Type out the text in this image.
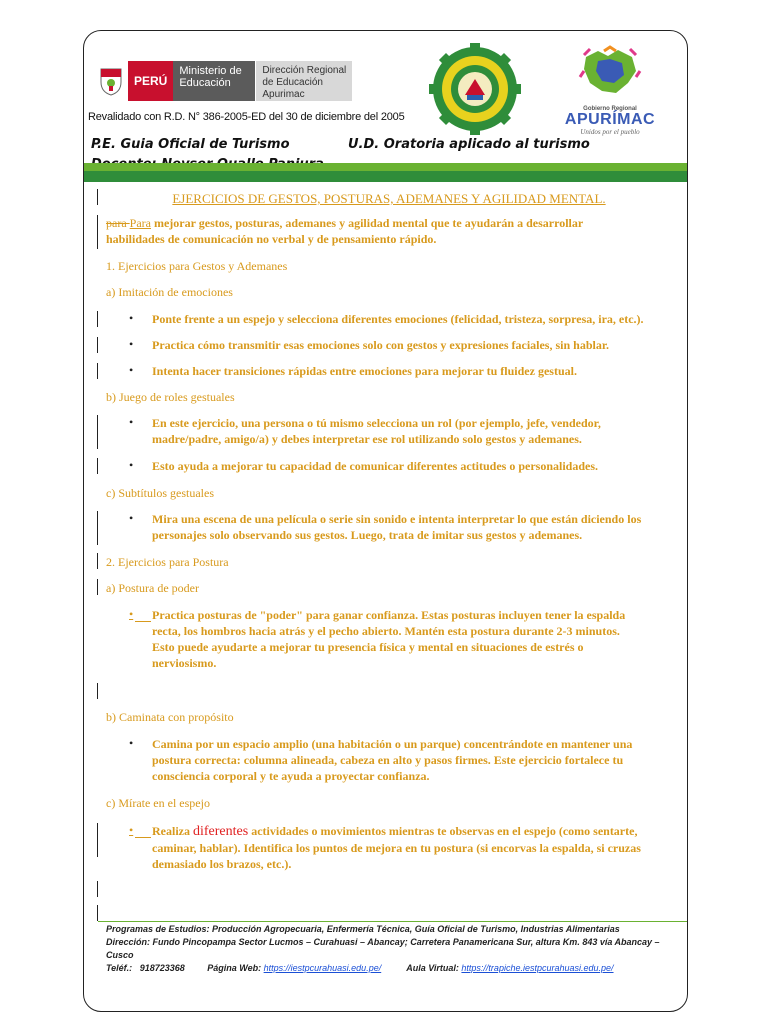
PERÚ
Ministerio de Educación
Dirección Regional de Educación Apurimac
Revalidado con R.D. N° 386-2005-ED del 30 de diciembre del 2005
Gobierno Regional
APURÍMAC
Unidos por el pueblo
P.E. Guia Oficial de Turismo	U.D. Oratoria aplicado al turismo
EJERCICIOS DE GESTOS, POSTURAS, ADEMANES Y AGILIDAD MENTAL.
para Para mejorar gestos, posturas, ademanes y agilidad mental que te ayudarán a desarrollar
habilidades de comunicación no verbal y de pensamiento rápido.
1. Ejercicios para Gestos y Ademanes
a) Imitación de emociones
• Ponte frente a un espejo y selecciona diferentes emociones (felicidad, tristeza, sorpresa, ira, etc.).
• Practica cómo transmitir esas emociones solo con gestos y expresiones faciales, sin hablar.
• Intenta hacer transiciones rápidas entre emociones para mejorar tu fluidez gestual.
b) Juego de roles gestuales
• En este ejercicio, una persona o tú mismo selecciona un rol (por ejemplo, jefe, vendedor,
madre/padre, amigo/a) y debes interpretar ese rol utilizando solo gestos y ademanes.
• Esto ayuda a mejorar tu capacidad de comunicar diferentes actitudes o personalidades.
c) Subtítulos gestuales
• Mira una escena de una película o serie sin sonido e intenta interpretar lo que están diciendo los
personajes solo observando sus gestos. Luego, trata de imitar sus gestos y ademanes.
2. Ejercicios para Postura
a) Postura de poder
• Practica posturas de "poder" para ganar confianza. Estas posturas incluyen tener la espalda
recta, los hombros hacia atrás y el pecho abierto. Mantén esta postura durante 2-3 minutos.
Esto puede ayudarte a mejorar tu presencia física y mental en situaciones de estrés o
nerviosismo.
b) Caminata con propósito
• Camina por un espacio amplio (una habitación o un parque) concentrándote en mantener una
postura correcta: columna alineada, cabeza en alto y pasos firmes. Este ejercicio fortalece tu
consciencia corporal y te ayuda a proyectar confianza.
c) Mírate en el espejo
• Realiza diferentes actividades o movimientos mientras te observas en el espejo (como sentarte,
caminar, hablar). Identifica los puntos de mejora en tu postura (si encorvas la espalda, si cruzas
demasiado los brazos, etc.).
Programas de Estudios: Producción Agropecuaria, Enfermería Técnica, Guía Oficial de Turismo, Industrias Alimentarias
Dirección: Fundo Pincopampa Sector Lucmos – Curahuasi – Abancay; Carretera Panamericana Sur, altura Km. 843 vía Abancay –Cusco
Teléf.: 918723368	Página Web: https://iestpcurahuasi.edu.pe/	Aula Virtual: https://trapiche.iestpcurahuasi.edu.pe/
